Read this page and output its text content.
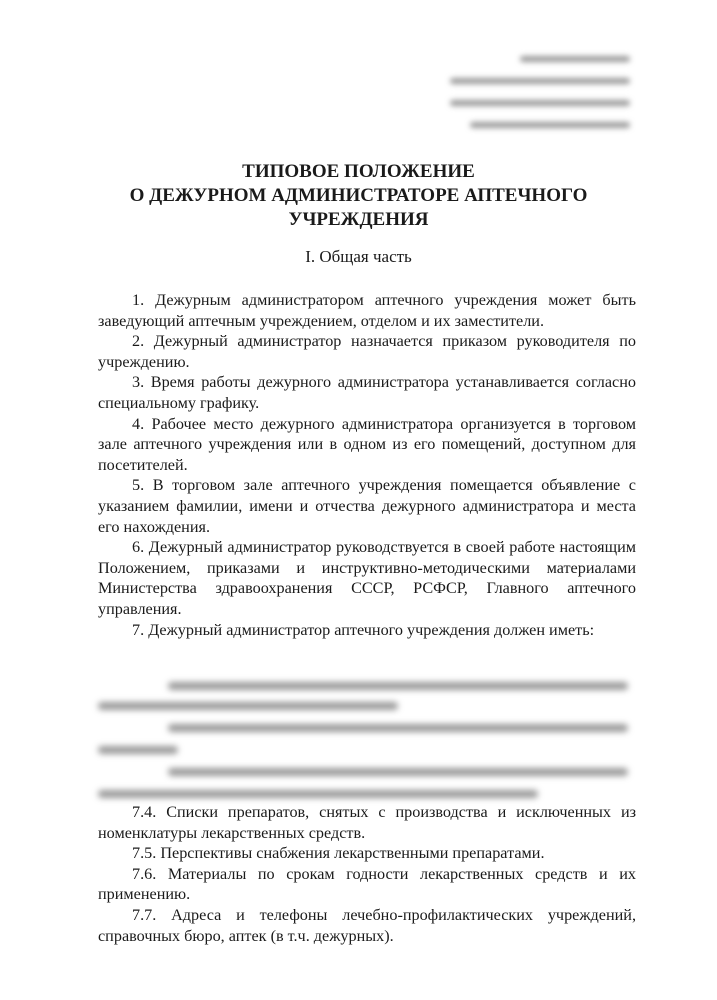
ТИПОВОЕ ПОЛОЖЕНИЕ
О ДЕЖУРНОМ АДМИНИСТРАТОРЕ АПТЕЧНОГО
УЧРЕЖДЕНИЯ
I. Общая часть

1. Дежурным администратором аптечного учреждения может быть заведующий аптечным учреждением, отделом и их заместители.

2. Дежурный администратор назначается приказом руководителя по учреждению.

3. Время работы дежурного администратора устанавливается согласно специальному графику.

4. Рабочее место дежурного администратора организуется в торговом зале аптечного учреждения или в одном из его помещений, доступном для посетителей.

5. В торговом зале аптечного учреждения помещается объявление с указанием фамилии, имени и отчества дежурного администратора и места его нахождения.

6. Дежурный администратор руководствуется в своей работе настоящим Положением, приказами и инструктивно-методическими материалами Министерства здравоохранения СССР, РСФСР, Главного аптечного управления.

7. Дежурный администратор аптечного учреждения должен иметь:

7.4. Списки препаратов, снятых с производства и исключенных из номенклатуры лекарственных средств.

7.5. Перспективы снабжения лекарственными препаратами.

7.6. Материалы по срокам годности лекарственных средств и их применению.

7.7. Адреса и телефоны лечебно-профилактических учреждений, справочных бюро, аптек (в т.ч. дежурных).
